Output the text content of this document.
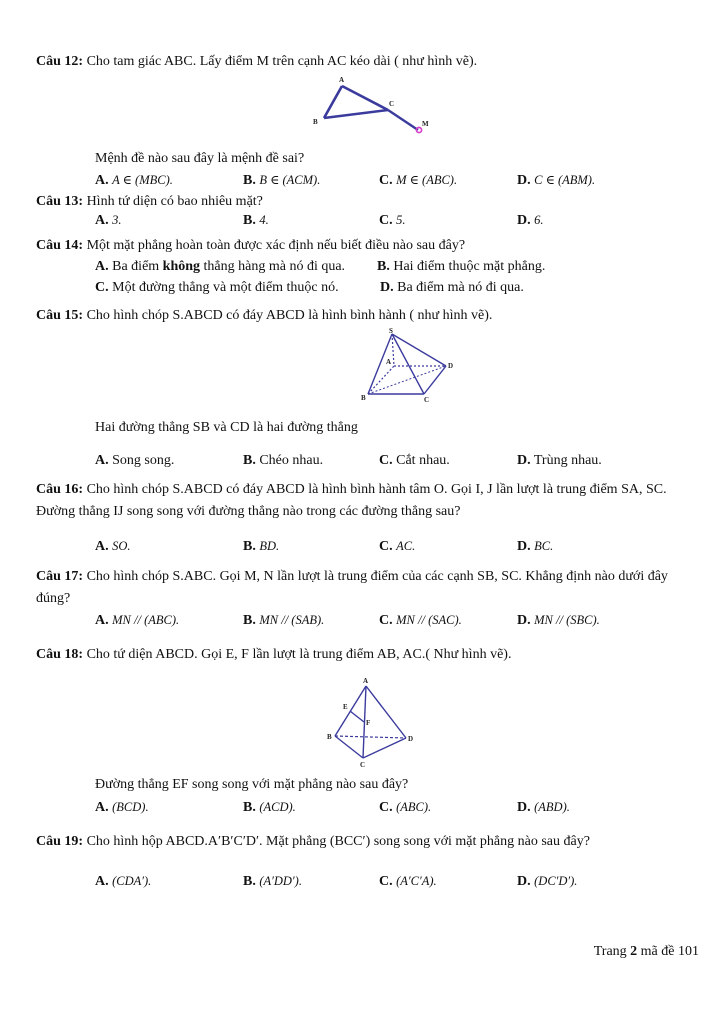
Câu 12: Cho tam giác ABC. Lấy điểm M trên cạnh AC kéo dài ( như hình vẽ).
A
B
C
M
Mệnh đề nào sau đây là mệnh đề sai?
A. A ∈ (MBC).	B. B ∈ (ACM).	C. M ∈ (ABC).	D. C ∈ (ABM).
Câu 13: Hình tứ diện có bao nhiêu mặt?
A. 3.	B. 4.	C. 5.	D. 6.
Câu 14: Một mặt phẳng hoàn toàn được xác định nếu biết điều nào sau đây?
A. Ba điểm không thẳng hàng mà nó đi qua. B. Hai điểm thuộc mặt phẳng.
C. Một đường thẳng và một điểm thuộc nó.	D. Ba điểm mà nó đi qua.
Câu 15: Cho hình chóp S.ABCD có đáy ABCD là hình bình hành ( như hình vẽ).
S
A
B	C
D
Hai đường thẳng SB và CD là hai đường thẳng
A. Song song.	B. Chéo nhau.	C. Cắt nhau.	D. Trùng nhau.
Câu 16: Cho hình chóp S.ABCD có đáy ABCD là hình bình hành tâm O. Gọi I, J lần lượt là trung điểm SA, SC. Đường thẳng IJ song song với đường thẳng nào trong các đường thẳng sau?
A. SO.	B. BD.	C. AC.	D. BC.
Câu 17: Cho hình chóp S.ABC. Gọi M, N lần lượt là trung điểm của các cạnh SB, SC. Khẳng định nào dưới đây đúng?
A. MN // (ABC).	B. MN // (SAB).	C. MN // (SAC).	D. MN // (SBC).
Câu 18: Cho tứ diện ABCD. Gọi E, F lần lượt là trung điểm AB, AC.( Như hình vẽ).
A
E
F
B	D
C
Đường thẳng EF song song với mặt phẳng nào sau đây?
A. (BCD).	B. (ACD).	C. (ABC).	D. (ABD).
Câu 19: Cho hình hộp ABCD.A′B′C′D′. Mặt phẳng (BCC′) song song với mặt phẳng nào sau đây?
A. (CDA′).	B. (A′DD′).	C. (A′C′A).	D. (DC′D′).
Trang 2 mã đề 101
